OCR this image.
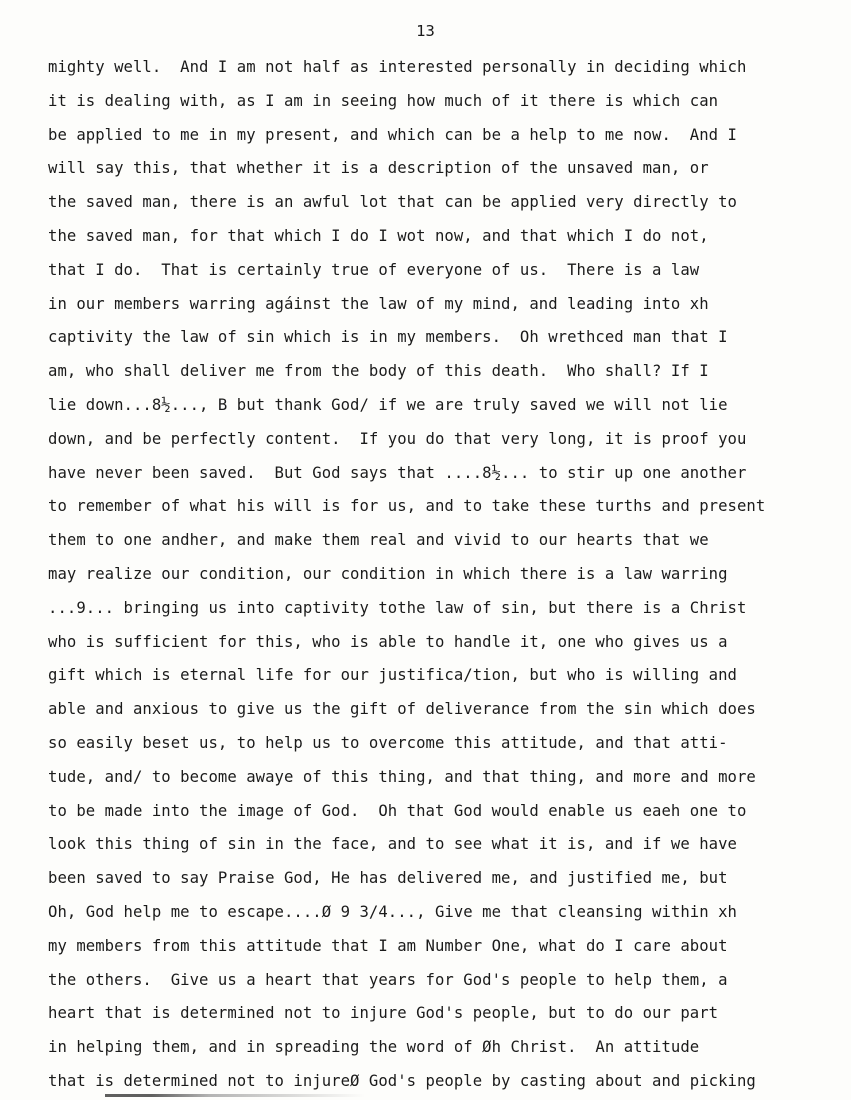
13
mighty well.  And I am not half as interested personally in deciding which
it is dealing with, as I am in seeing how much of it there is which can
be applied to me in my present, and which can be a help to me now.  And I
will say this, that whether it is a description of the unsaved man, or
the saved man, there is an awful lot that can be applied very directly to
the saved man, for that which I do I wot now, and that which I do not,
that I do.  That is certainly true of everyone of us.  There is a law
in our members warring agáinst the law of my mind, and leading into xh
captivity the law of sin which is in my members.  Oh wrethced man that I
am, who shall deliver me from the body of this death.  Who shall? If I
lie down...8½..., B but thank God/ if we are truly saved we will not lie
down, and be perfectly content.  If you do that very long, it is proof you
have never been saved.  But God says that ....8½... to stir up one another
to remember of what his will is for us, and to take these turths and present
them to one andher, and make them real and vivid to our hearts that we
may realize our condition, our condition in which there is a law warring
...9... bringing us into captivity tothe law of sin, but there is a Christ
who is sufficient for this, who is able to handle it, one who gives us a
gift which is eternal life for our justifica/tion, but who is willing and
able and anxious to give us the gift of deliverance from the sin which does
so easily beset us, to help us to overcome this attitude, and that atti-
tude, and/ to become awaye of this thing, and that thing, and more and more
to be made into the image of God.  Oh that God would enable us eaeh one to
look this thing of sin in the face, and to see what it is, and if we have
been saved to say Praise God, He has delivered me, and justified me, but
Oh, God help me to escape....Ø 9 3/4..., Give me that cleansing within xh
my members from this attitude that I am Number One, what do I care about
the others.  Give us a heart that years for God's people to help them, a
heart that is determined not to injure God's people, but to do our part
in helping them, and in spreading the word of Øh Christ.  An attitude
that is determined not to injureØ God's people by casting about and picking
